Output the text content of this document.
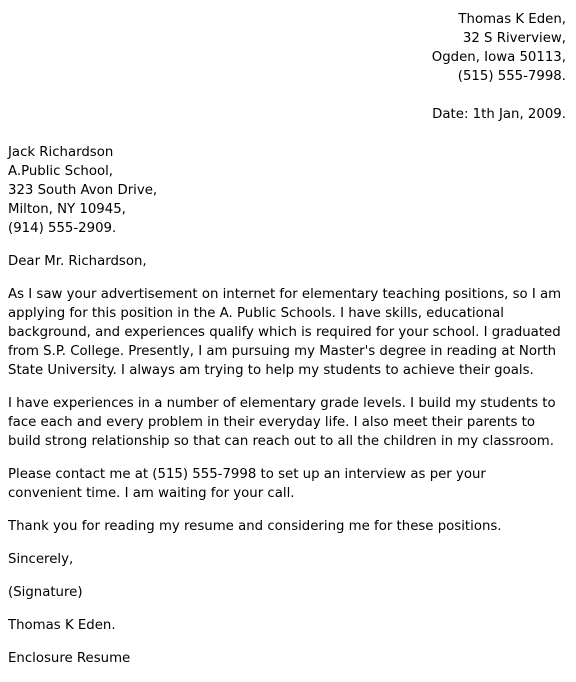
Thomas K Eden,
32 S Riverview,
Ogden, Iowa 50113,
(515) 555-7998.
Date: 1th Jan, 2009.
Jack Richardson
A.Public School,
323 South Avon Drive,
Milton, NY 10945,
(914) 555-2909.
Dear Mr. Richardson,
As I saw your advertisement on internet for elementary teaching positions, so I am
applying for this position in the A. Public Schools. I have skills, educational
background, and experiences qualify which is required for your school. I graduated
from S.P. College. Presently, I am pursuing my Master's degree in reading at North
State University. I always am trying to help my students to achieve their goals.
I have experiences in a number of elementary grade levels. I build my students to
face each and every problem in their everyday life. I also meet their parents to
build strong relationship so that can reach out to all the children in my classroom.
Please contact me at (515) 555-7998 to set up an interview as per your
convenient time. I am waiting for your call.
Thank you for reading my resume and considering me for these positions.
Sincerely,
(Signature)
Thomas K Eden.
Enclosure Resume
